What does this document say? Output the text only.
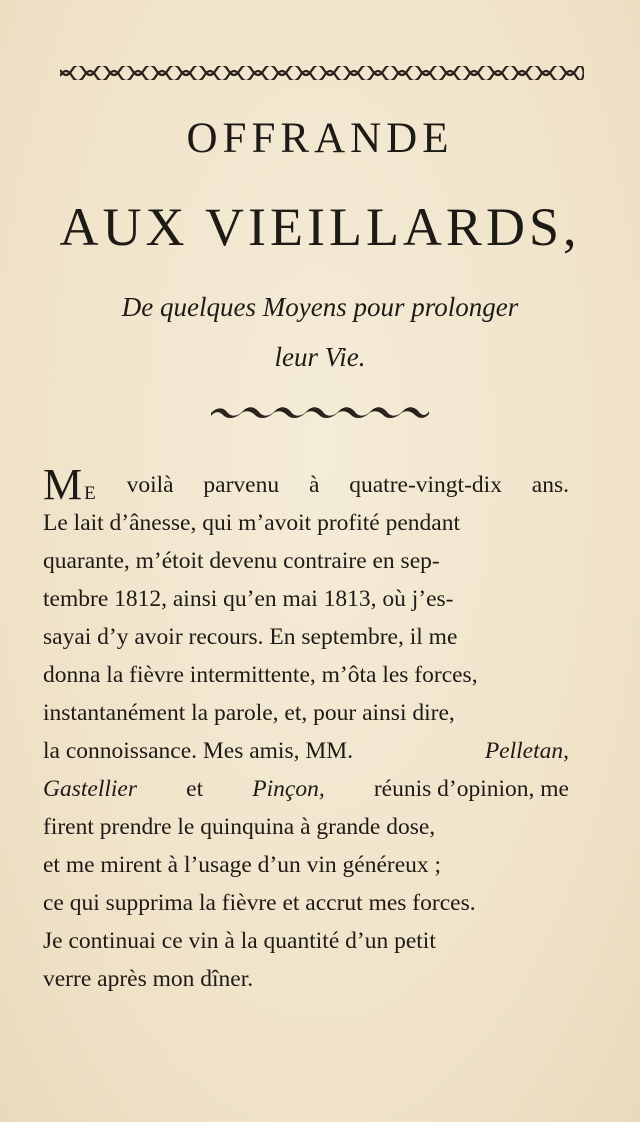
OFFRANDE
AUX VIEILLARDS,
De quelques Moyens pour prolonger
leur Vie.
M E voilà parvenu à quatre-vingt-dix ans.
Le lait d’ânesse, qui m’avoit profité pendant
quarante, m’étoit devenu contraire en sep-
tembre 1812, ainsi qu’en mai 1813, où j’es-
sayai d’y avoir recours. En septembre, il me
donna la fièvre intermittente, m’ôta les forces,
instantanément la parole, et, pour ainsi dire,
la connoissance. Mes amis, MM.	Pelletan,
Gastellier et Pinçon, réunis d’opinion, me
firent prendre le quinquina à grande dose,
et me mirent à l’usage d’un vin généreux ;
ce qui supprima la fièvre et accrut mes forces.
Je continuai ce vin à la quantité d’un petit
verre après mon dîner.
